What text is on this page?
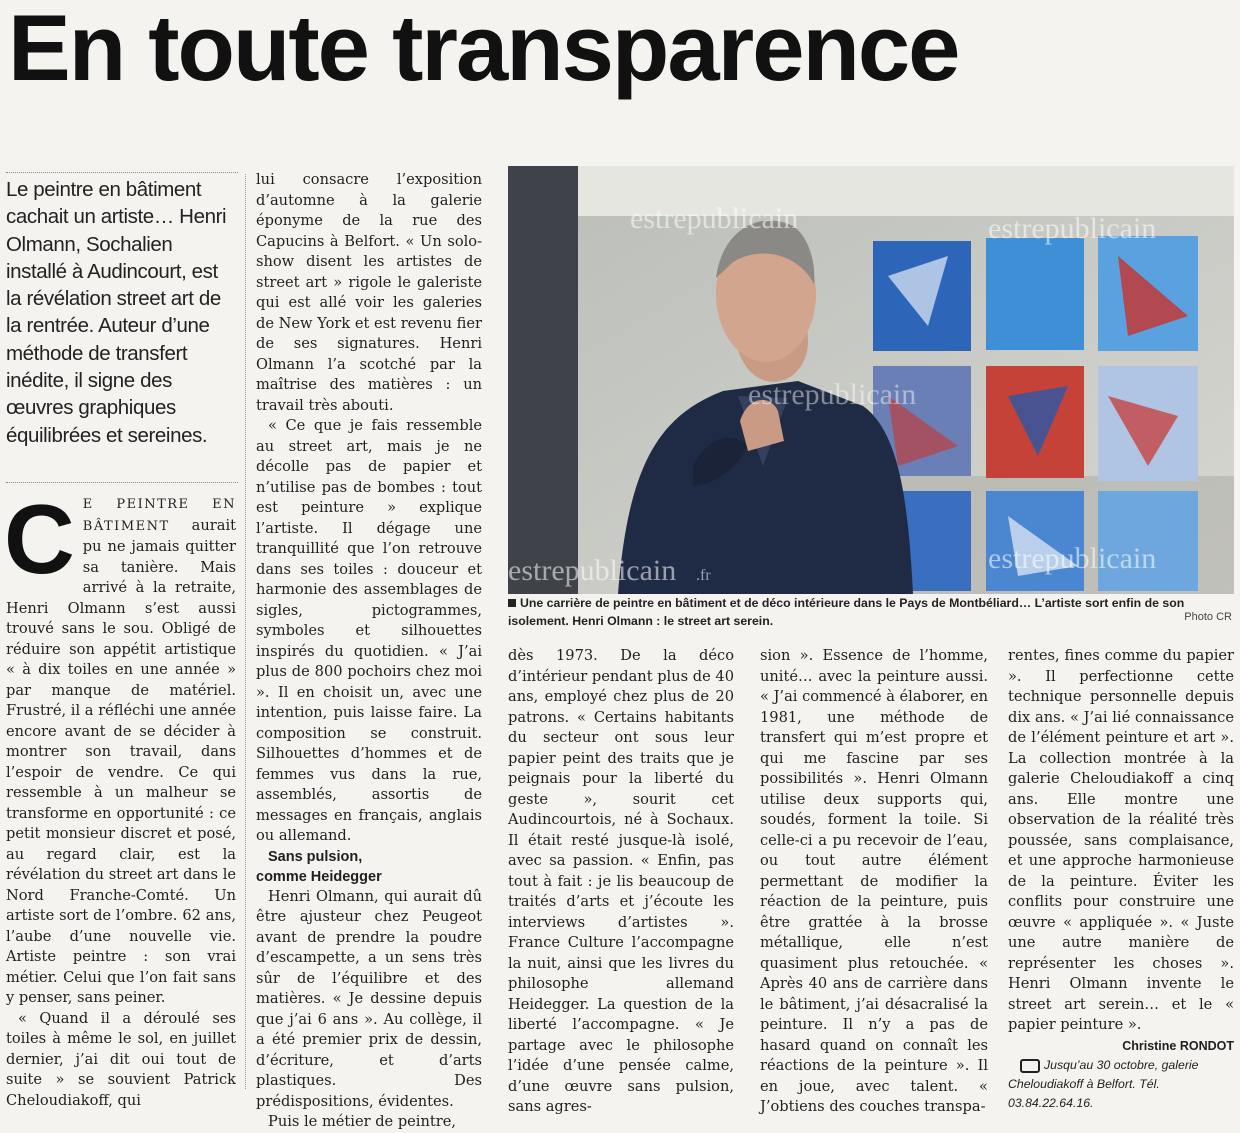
En toute transparence
Le peintre en bâtiment cachait un artiste… Henri Olmann, Sochalien installé à Audincourt, est la révélation street art de la rentrée. Auteur d’une méthode de transfert inédite, il signe des œuvres graphiques équilibrées et sereines.

CE PEINTRE EN BÂTIMENT aurait pu ne jamais quitter sa tanière. Mais arrivé à la retraite, Henri Olmann s’est aussi trouvé sans le sou. Obligé de réduire son appétit artistique « à dix toiles en une année » par manque de matériel. Frustré, il a réfléchi une année encore avant de se décider à montrer son travail, dans l’espoir de vendre. Ce qui ressemble à un malheur se transforme en opportunité : ce petit monsieur discret et posé, au regard clair, est la révélation du street art dans le Nord Franche-Comté. Un artiste sort de l’ombre. 62 ans, l’aube d’une nouvelle vie. Artiste peintre : son vrai métier. Celui que l’on fait sans y penser, sans peiner.

« Quand il a déroulé ses toiles à même le sol, en juillet dernier, j’ai dit oui tout de suite » se souvient Patrick Cheloudiakoff, qui

lui consacre l’exposition d’automne à la galerie éponyme de la rue des Capucins à Belfort. « Un solo-show disent les artistes de street art » rigole le galeriste qui est allé voir les galeries de New York et est revenu fier de ses signatures. Henri Olmann l’a scotché par la maîtrise des matières : un travail très abouti.

« Ce que je fais ressemble au street art, mais je ne décolle pas de papier et n’utilise pas de bombes : tout est peinture » explique l’artiste. Il dégage une tranquillité que l’on retrouve dans ses toiles : douceur et harmonie des assemblages de sigles, pictogrammes, symboles et silhouettes inspirés du quotidien. « J’ai plus de 800 pochoirs chez moi ». Il en choisit un, avec une intention, puis laisse faire. La composition se construit. Silhouettes d’hommes et de femmes vus dans la rue, assemblés, assortis de messages en français, anglais ou allemand.

Sans pulsion,
comme Heidegger

Henri Olmann, qui aurait dû être ajusteur chez Peugeot avant de prendre la poudre d’escampette, a un sens très sûr de l’équilibre et des matières. « Je dessine depuis que j’ai 6 ans ». Au collège, il a été premier prix de dessin, d’écriture, et d’arts plastiques. Des prédispositions, évidentes.

Puis le métier de peintre,

estrepublicain	estrepublicain
estrepublicain
estrepublicain	estrepublicain
.fr
Une carrière de peintre en bâtiment et de déco intérieure dans le Pays de Montbéliard… L’artiste sort enfin de son isolement. Henri Olmann : le street art serein.	Photo CR

dès 1973. De la déco d’intérieur pendant plus de 40 ans, employé chez plus de 20 patrons. « Certains habitants du secteur ont sous leur papier peint des traits que je peignais pour la liberté du geste », sourit cet Audincourtois, né à Sochaux. Il était resté jusque-là isolé, avec sa passion. « Enfin, pas tout à fait : je lis beaucoup de traités d’arts et j’écoute les interviews d’artistes ». France Culture l’accompagne la nuit, ainsi que les livres du philosophe allemand Heidegger. La question de la liberté l’accompagne. « Je partage avec le philosophe l’idée d’une pensée calme, d’une œuvre sans pulsion, sans agres-

sion ». Essence de l’homme, unité… avec la peinture aussi. « J’ai commencé à élaborer, en 1981, une méthode de transfert qui m’est propre et qui me fascine par ses possibilités ». Henri Olmann utilise deux supports qui, soudés, forment la toile. Si celle-ci a pu recevoir de l’eau, ou tout autre élément permettant de modifier la réaction de la peinture, puis être grattée à la brosse métallique, elle n’est quasiment plus retouchée. « Après 40 ans de carrière dans le bâtiment, j’ai désacralisé la peinture. Il n’y a pas de hasard quand on connaît les réactions de la peinture ». Il en joue, avec talent. « J’obtiens des couches transpa-

rentes, fines comme du papier ». Il perfectionne cette technique personnelle depuis dix ans. « J’ai lié connaissance de l’élément peinture et art ». La collection montrée à la galerie Cheloudiakoff a cinq ans. Elle montre une observation de la réalité très poussée, sans complaisance, et une approche harmonieuse de la peinture. Éviter les conflits pour construire une œuvre « appliquée ». « Juste une autre manière de représenter les choses ». Henri Olmann invente le street art serein… et le « papier peinture ».

Christine RONDOT

Jusqu’au 30 octobre, galerie Cheloudiakoff à Belfort. Tél. 03.84.22.64.16.
